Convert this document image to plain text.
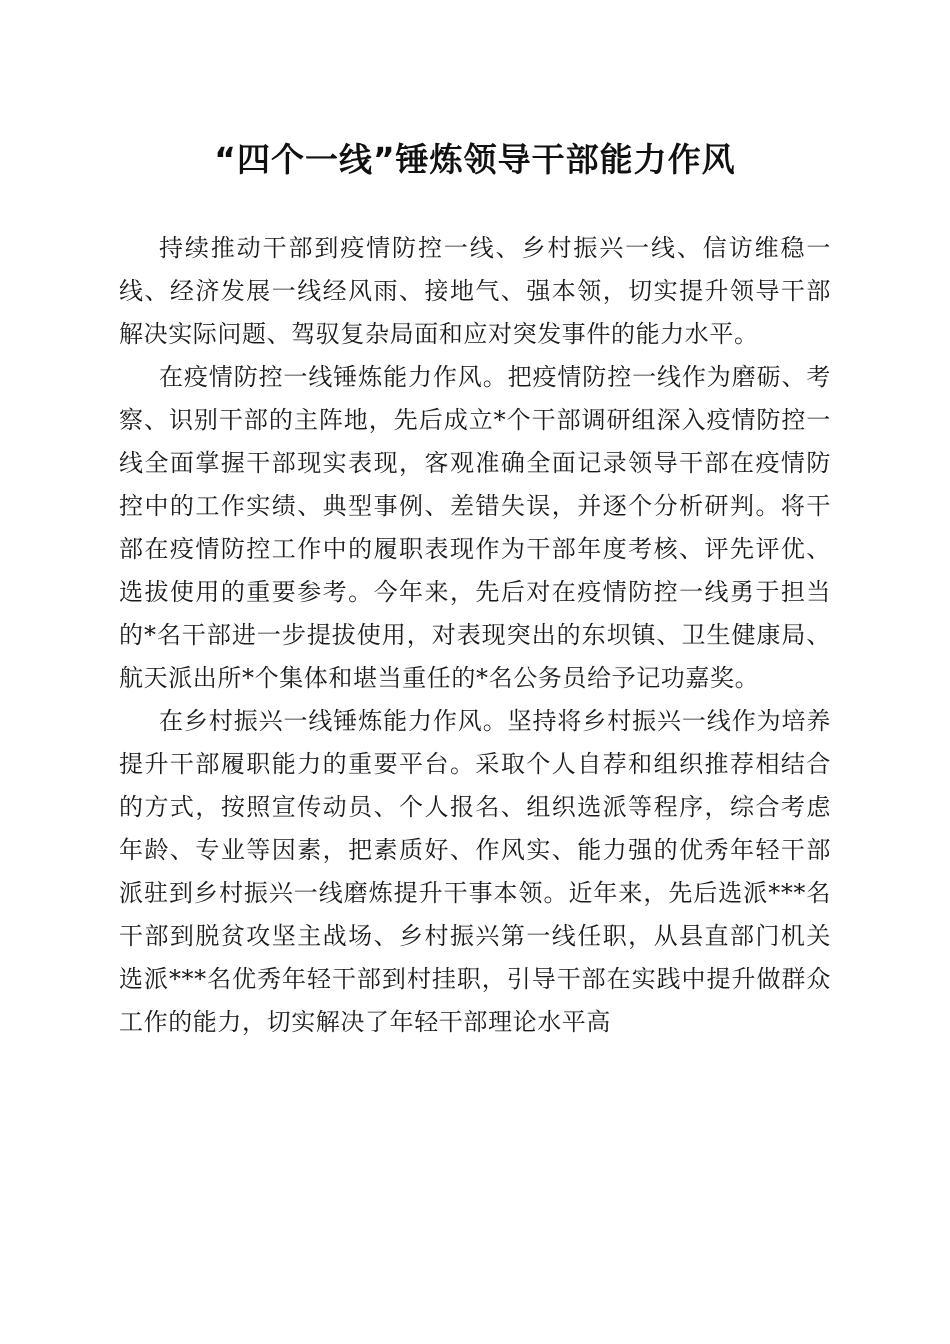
“四个一线”锤炼领导干部能力作风

持续推动干部到疫情防控一线、乡村振兴一线、信访维稳一线、经济发展一线经风雨、接地气、强本领，切实提升领导干部解决实际问题、驾驭复杂局面和应对突发事件的能力水平。

在疫情防控一线锤炼能力作风。把疫情防控一线作为磨砺、考察、识别干部的主阵地，先后成立*个干部调研组深入疫情防控一线全面掌握干部现实表现，客观准确全面记录领导干部在疫情防控中的工作实绩、典型事例、差错失误，并逐个分析研判。将干部在疫情防控工作中的履职表现作为干部年度考核、评先评优、选拔使用的重要参考。今年来，先后对在疫情防控一线勇于担当的*名干部进一步提拔使用，对表现突出的东坝镇、卫生健康局、航天派出所*个集体和堪当重任的*名公务员给予记功嘉奖。

在乡村振兴一线锤炼能力作风。坚持将乡村振兴一线作为培养提升干部履职能力的重要平台。采取个人自荐和组织推荐相结合的方式，按照宣传动员、个人报名、组织选派等程序，综合考虑年龄、专业等因素，把素质好、作风实、能力强的优秀年轻干部派驻到乡村振兴一线磨炼提升干事本领。近年来，先后选派***名干部到脱贫攻坚主战场、乡村振兴第一线任职，从县直部门机关选派***名优秀年轻干部到村挂职，引导干部在实践中提升做群众工作的能力，切实解决了年轻干部理论水平高
